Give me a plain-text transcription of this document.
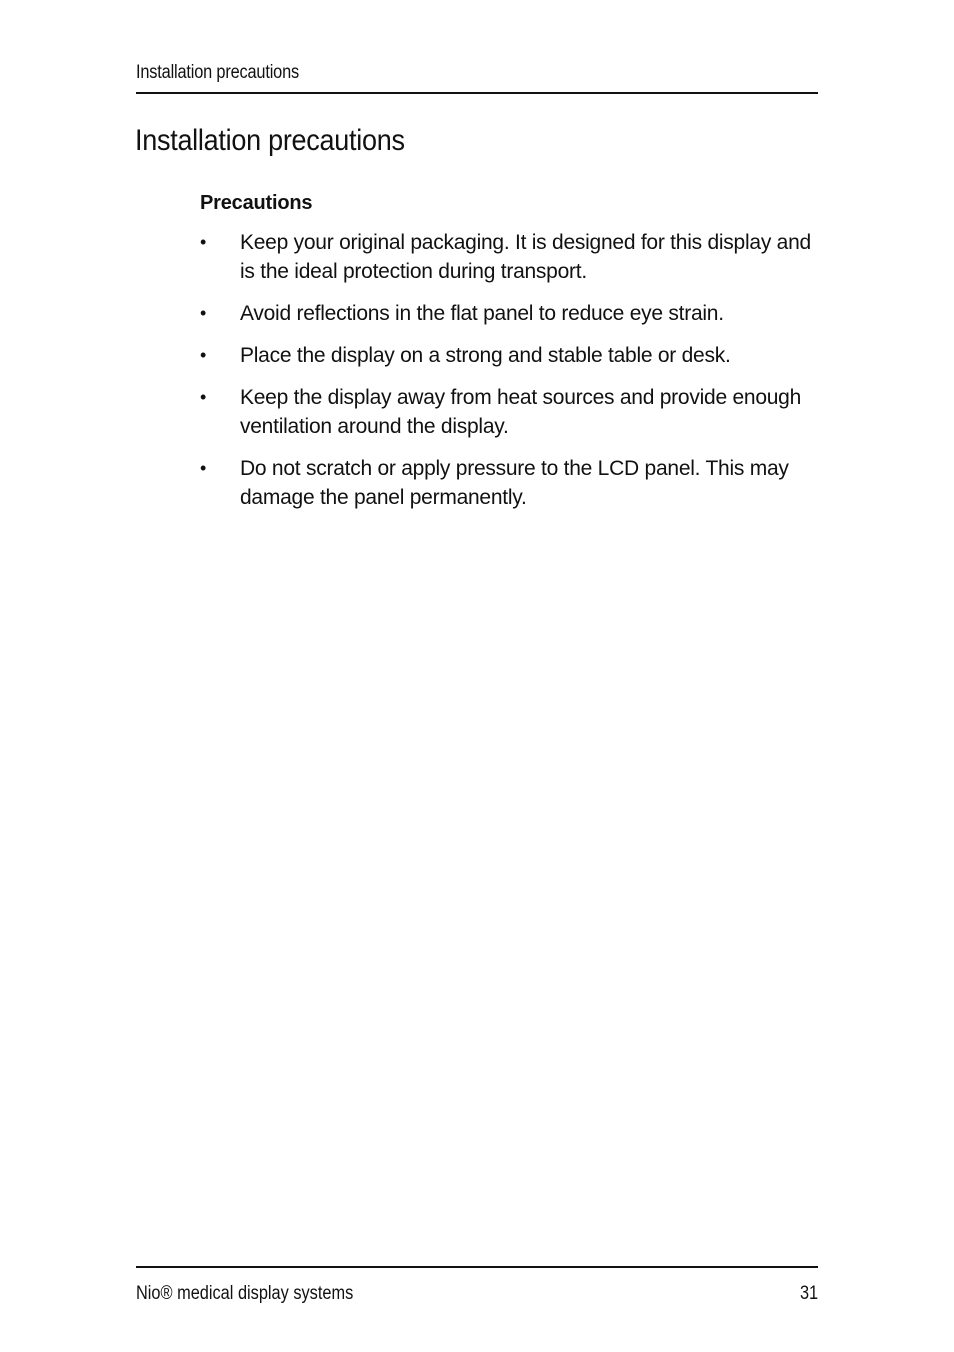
Installation precautions
Installation precautions
Precautions
• Keep your original packaging. It is designed for this display and is the ideal protection during transport.
• Avoid reflections in the flat panel to reduce eye strain.
• Place the display on a strong and stable table or desk.
• Keep the display away from heat sources and provide enough ventilation around the display.
• Do not scratch or apply pressure to the LCD panel. This may damage the panel permanently.
Nio® medical display systems	31
